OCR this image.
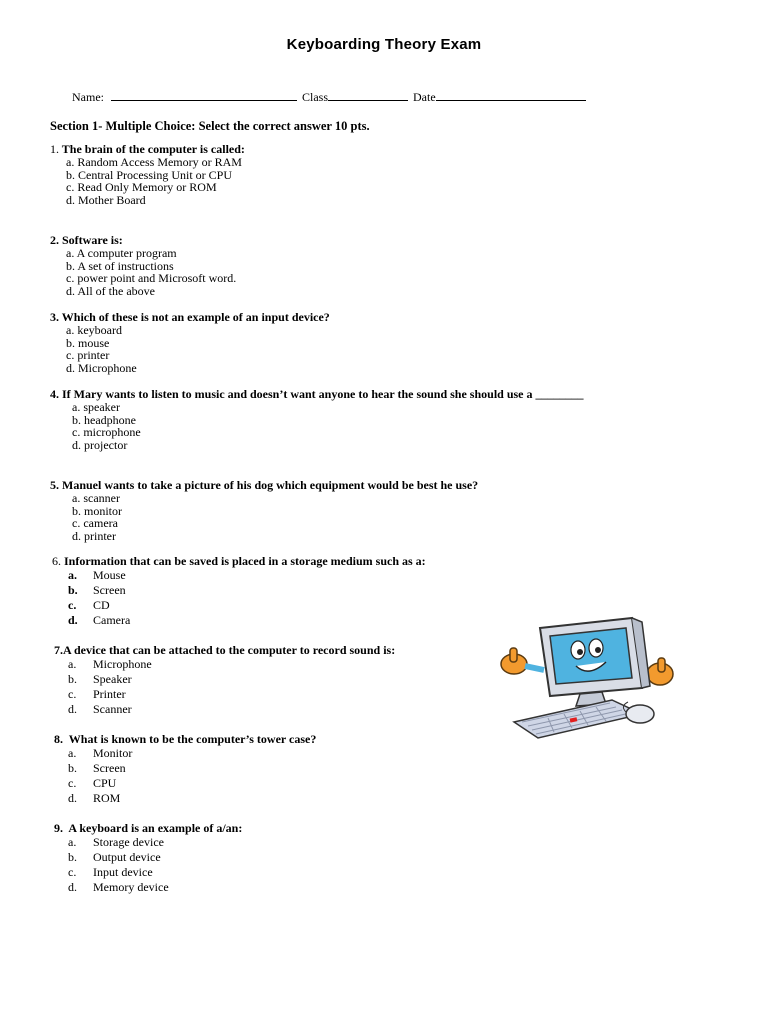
Keyboarding Theory Exam
Name:	Class	Date
Section 1- Multiple Choice: Select the correct answer 10 pts.
1. The brain of the computer is called:
a. Random Access Memory or RAM
b. Central Processing Unit or CPU
c. Read Only Memory or ROM
d. Mother Board
2. Software is:
a. A computer program
b. A set of instructions
c. power point and Microsoft word.
d. All of the above
3. Which of these is not an example of an input device?
a. keyboard
b. mouse
c. printer
d. Microphone
4. If Mary wants to listen to music and doesn’t want anyone to hear the sound she should use a ________
a. speaker
b. headphone
c. microphone
d. projector
5. Manuel wants to take a picture of his dog which equipment would be best he use?
a. scanner
b. monitor
c. camera
d. printer
6. Information that can be saved is placed in a storage medium such as a:
a. Mouse
b. Screen
c. CD
d. Camera
7.A device that can be attached to the computer to record sound is:
a. Microphone
b. Speaker
c. Printer
d. Scanner
8. What is known to be the computer’s tower case?
a. Monitor
b. Screen
c. CPU
d. ROM
9. A keyboard is an example of a/an:
a. Storage device
b. Output device
c. Input device
d. Memory device
